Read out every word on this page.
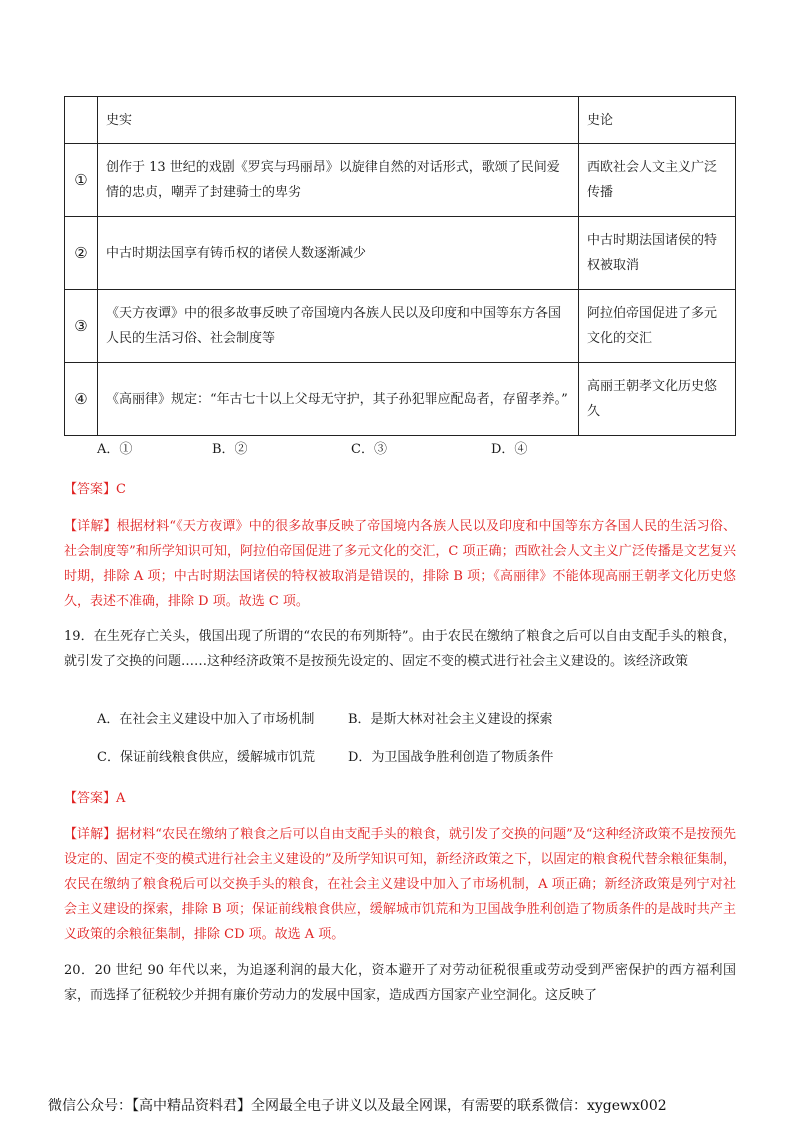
	史实	史论
①	创作于 13 世纪的戏剧《罗宾与玛丽昂》以旋律自然的对话形式，歌颂了民间爱情的忠贞，嘲弄了封建骑士的卑劣	西欧社会人文主义广泛传播
②	中古时期法国享有铸币权的诸侯人数逐渐减少	中古时期法国诸侯的特权被取消
③	《天方夜谭》中的很多故事反映了帝国境内各族人民以及印度和中国等东方各国人民的生活习俗、社会制度等	阿拉伯帝国促进了多元文化的交汇
④	《高丽律》规定：“年古七十以上父母无守护，其子孙犯罪应配岛者，存留孝养。”	高丽王朝孝文化历史悠久
A．①	B．②	C．③	D．④
【答案】C
【详解】根据材料“《天方夜谭》中的很多故事反映了帝国境内各族人民以及印度和中国等东方各国人民的生活习俗、社会制度等”和所学知识可知，阿拉伯帝国促进了多元文化的交汇，C 项正确；西欧社会人文主义广泛传播是文艺复兴时期，排除 A 项；中古时期法国诸侯的特权被取消是错误的，排除 B 项；《高丽律》不能体现高丽王朝孝文化历史悠久，表述不准确，排除 D 项。故选 C 项。
19．在生死存亡关头，俄国出现了所谓的“农民的布列斯特”。由于农民在缴纳了粮食之后可以自由支配手头的粮食，就引发了交换的问题……这种经济政策不是按预先设定的、固定不变的模式进行社会主义建设的。该经济政策
A．在社会主义建设中加入了市场机制	B．是斯大林对社会主义建设的探索
C．保证前线粮食供应，缓解城市饥荒	D．为卫国战争胜利创造了物质条件
【答案】A
【详解】据材料“农民在缴纳了粮食之后可以自由支配手头的粮食，就引发了交换的问题”及“这种经济政策不是按预先设定的、固定不变的模式进行社会主义建设的”及所学知识可知，新经济政策之下，以固定的粮食税代替余粮征集制，农民在缴纳了粮食税后可以交换手头的粮食，在社会主义建设中加入了市场机制，A 项正确；新经济政策是列宁对社会主义建设的探索，排除 B 项；保证前线粮食供应，缓解城市饥荒和为卫国战争胜利创造了物质条件的是战时共产主义政策的余粮征集制，排除 CD 项。故选 A 项。
20．20 世纪 90 年代以来，为追逐利润的最大化，资本避开了对劳动征税很重或劳动受到严密保护的西方福利国家，而选择了征税较少并拥有廉价劳动力的发展中国家，造成西方国家产业空洞化。这反映了
微信公众号：【高中精品资料君】全网最全电子讲义以及最全网课，有需要的联系微信：xygewx002
